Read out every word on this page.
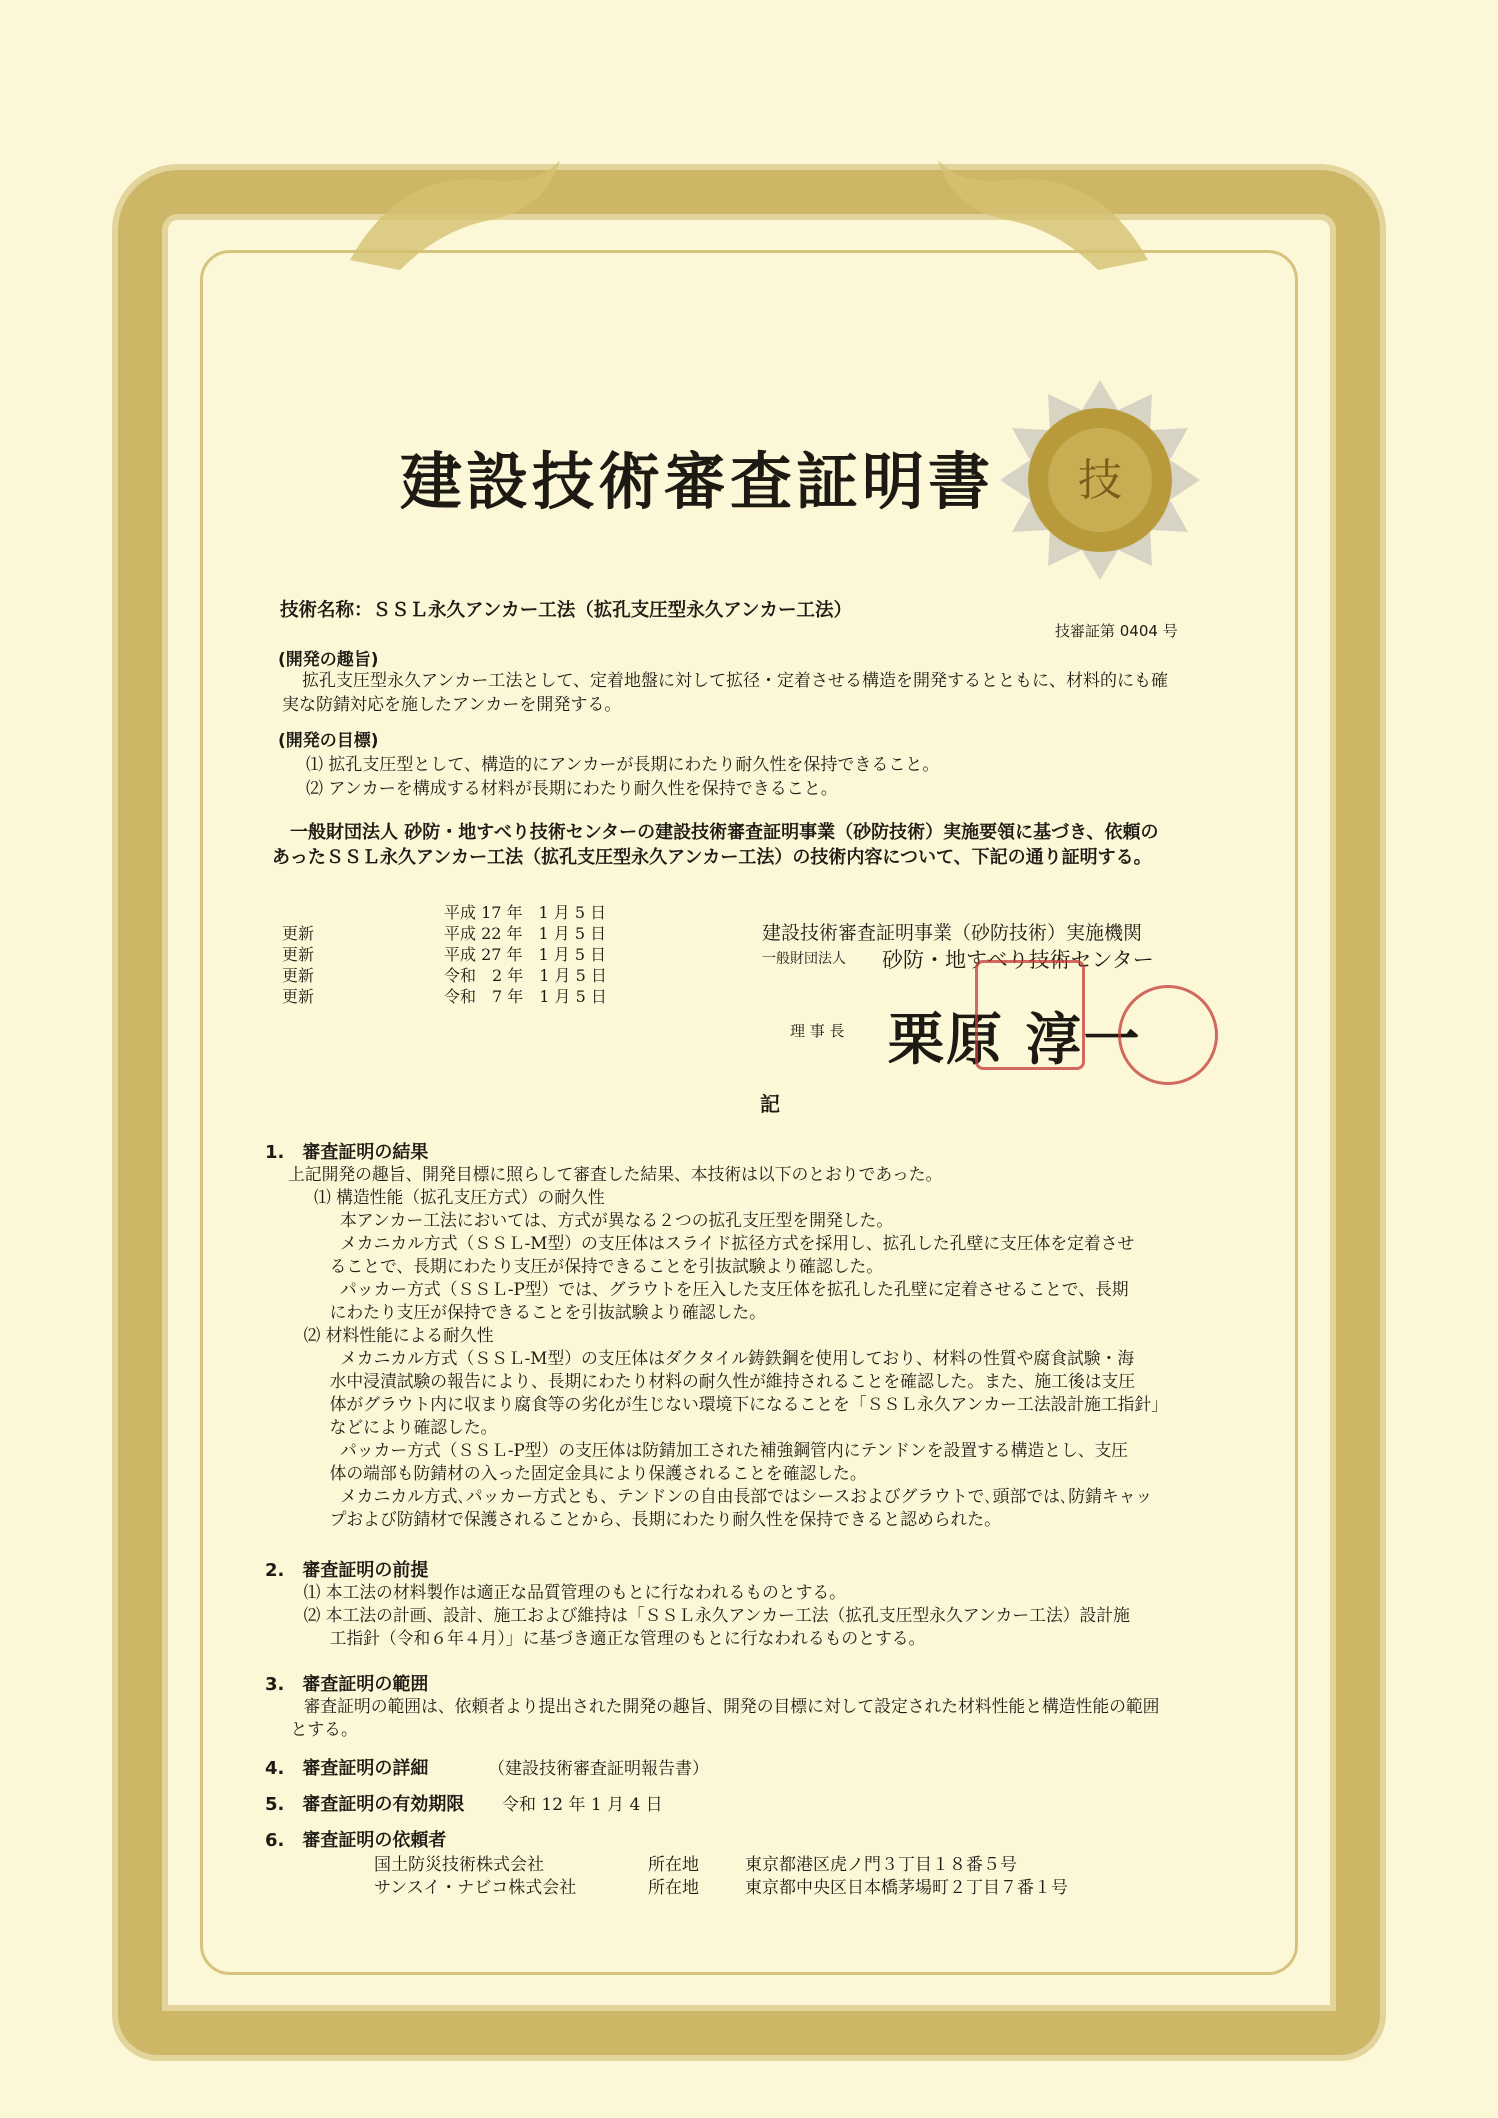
建設技術審査証明書 技
技術名称：ＳＳＬ永久アンカー工法（拡孔支圧型永久アンカー工法）
技審証第 0404 号
(開発の趣旨)
拡孔支圧型永久アンカー工法として、定着地盤に対して拡径・定着させる構造を開発するとともに、材料的にも確
実な防錆対応を施したアンカーを開発する。
(開発の目標)
⑴ 拡孔支圧型として、構造的にアンカーが長期にわたり耐久性を保持できること。
⑵ アンカーを構成する材料が長期にわたり耐久性を保持できること。
一般財団法人 砂防・地すべり技術センターの建設技術審査証明事業（砂防技術）実施要領に基づき、依頼の
あったＳＳＬ永久アンカー工法（拡孔支圧型永久アンカー工法）の技術内容について、下記の通り証明する。
平成 17 年　1 月 5 日
更新	平成 22 年　1 月 5 日
更新	平成 27 年　1 月 5 日
更新	令和　2 年　1 月 5 日
更新	令和　7 年　1 月 5 日
建設技術審査証明事業（砂防技術）実施機関
一般財団法人 砂防・地すべり技術センター
理 事 長 栗原 淳一
記
1.　審査証明の結果
上記開発の趣旨、開発目標に照らして審査した結果、本技術は以下のとおりであった。
⑴ 構造性能（拡孔支圧方式）の耐久性
本アンカー工法においては、方式が異なる２つの拡孔支圧型を開発した。
メカニカル方式（ＳＳＬ-M型）の支圧体はスライド拡径方式を採用し、拡孔した孔壁に支圧体を定着させ
ることで、長期にわたり支圧が保持できることを引抜試験より確認した。
パッカー方式（ＳＳＬ-P型）では、グラウトを圧入した支圧体を拡孔した孔壁に定着させることで、長期
にわたり支圧が保持できることを引抜試験より確認した。
⑵ 材料性能による耐久性
メカニカル方式（ＳＳＬ-M型）の支圧体はダクタイル鋳鉄鋼を使用しており、材料の性質や腐食試験・海
水中浸漬試験の報告により、長期にわたり材料の耐久性が維持されることを確認した。また、施工後は支圧
体がグラウト内に収まり腐食等の劣化が生じない環境下になることを「ＳＳＬ永久アンカー工法設計施工指針」
などにより確認した。
パッカー方式（ＳＳＬ-P型）の支圧体は防錆加工された補強鋼管内にテンドンを設置する構造とし、支圧
体の端部も防錆材の入った固定金具により保護されることを確認した。
メカニカル方式､パッカー方式とも、テンドンの自由長部ではシースおよびグラウトで､頭部では､防錆キャッ
プおよび防錆材で保護されることから、長期にわたり耐久性を保持できると認められた。
2.　審査証明の前提
⑴ 本工法の材料製作は適正な品質管理のもとに行なわれるものとする。
⑵ 本工法の計画、設計、施工および維持は「ＳＳＬ永久アンカー工法（拡孔支圧型永久アンカー工法）設計施
工指針（令和６年４月）」に基づき適正な管理のもとに行なわれるものとする。
3.　審査証明の範囲
審査証明の範囲は、依頼者より提出された開発の趣旨、開発の目標に対して設定された材料性能と構造性能の範囲
とする。
4.　審査証明の詳細	（建設技術審査証明報告書）
5.　審査証明の有効期限 令和 12 年 1 月 4 日
6.　審査証明の依頼者
国土防災技術株式会社	所在地	東京都港区虎ノ門３丁目１８番５号
サンスイ・ナビコ株式会社	所在地	東京都中央区日本橋茅場町２丁目７番１号
